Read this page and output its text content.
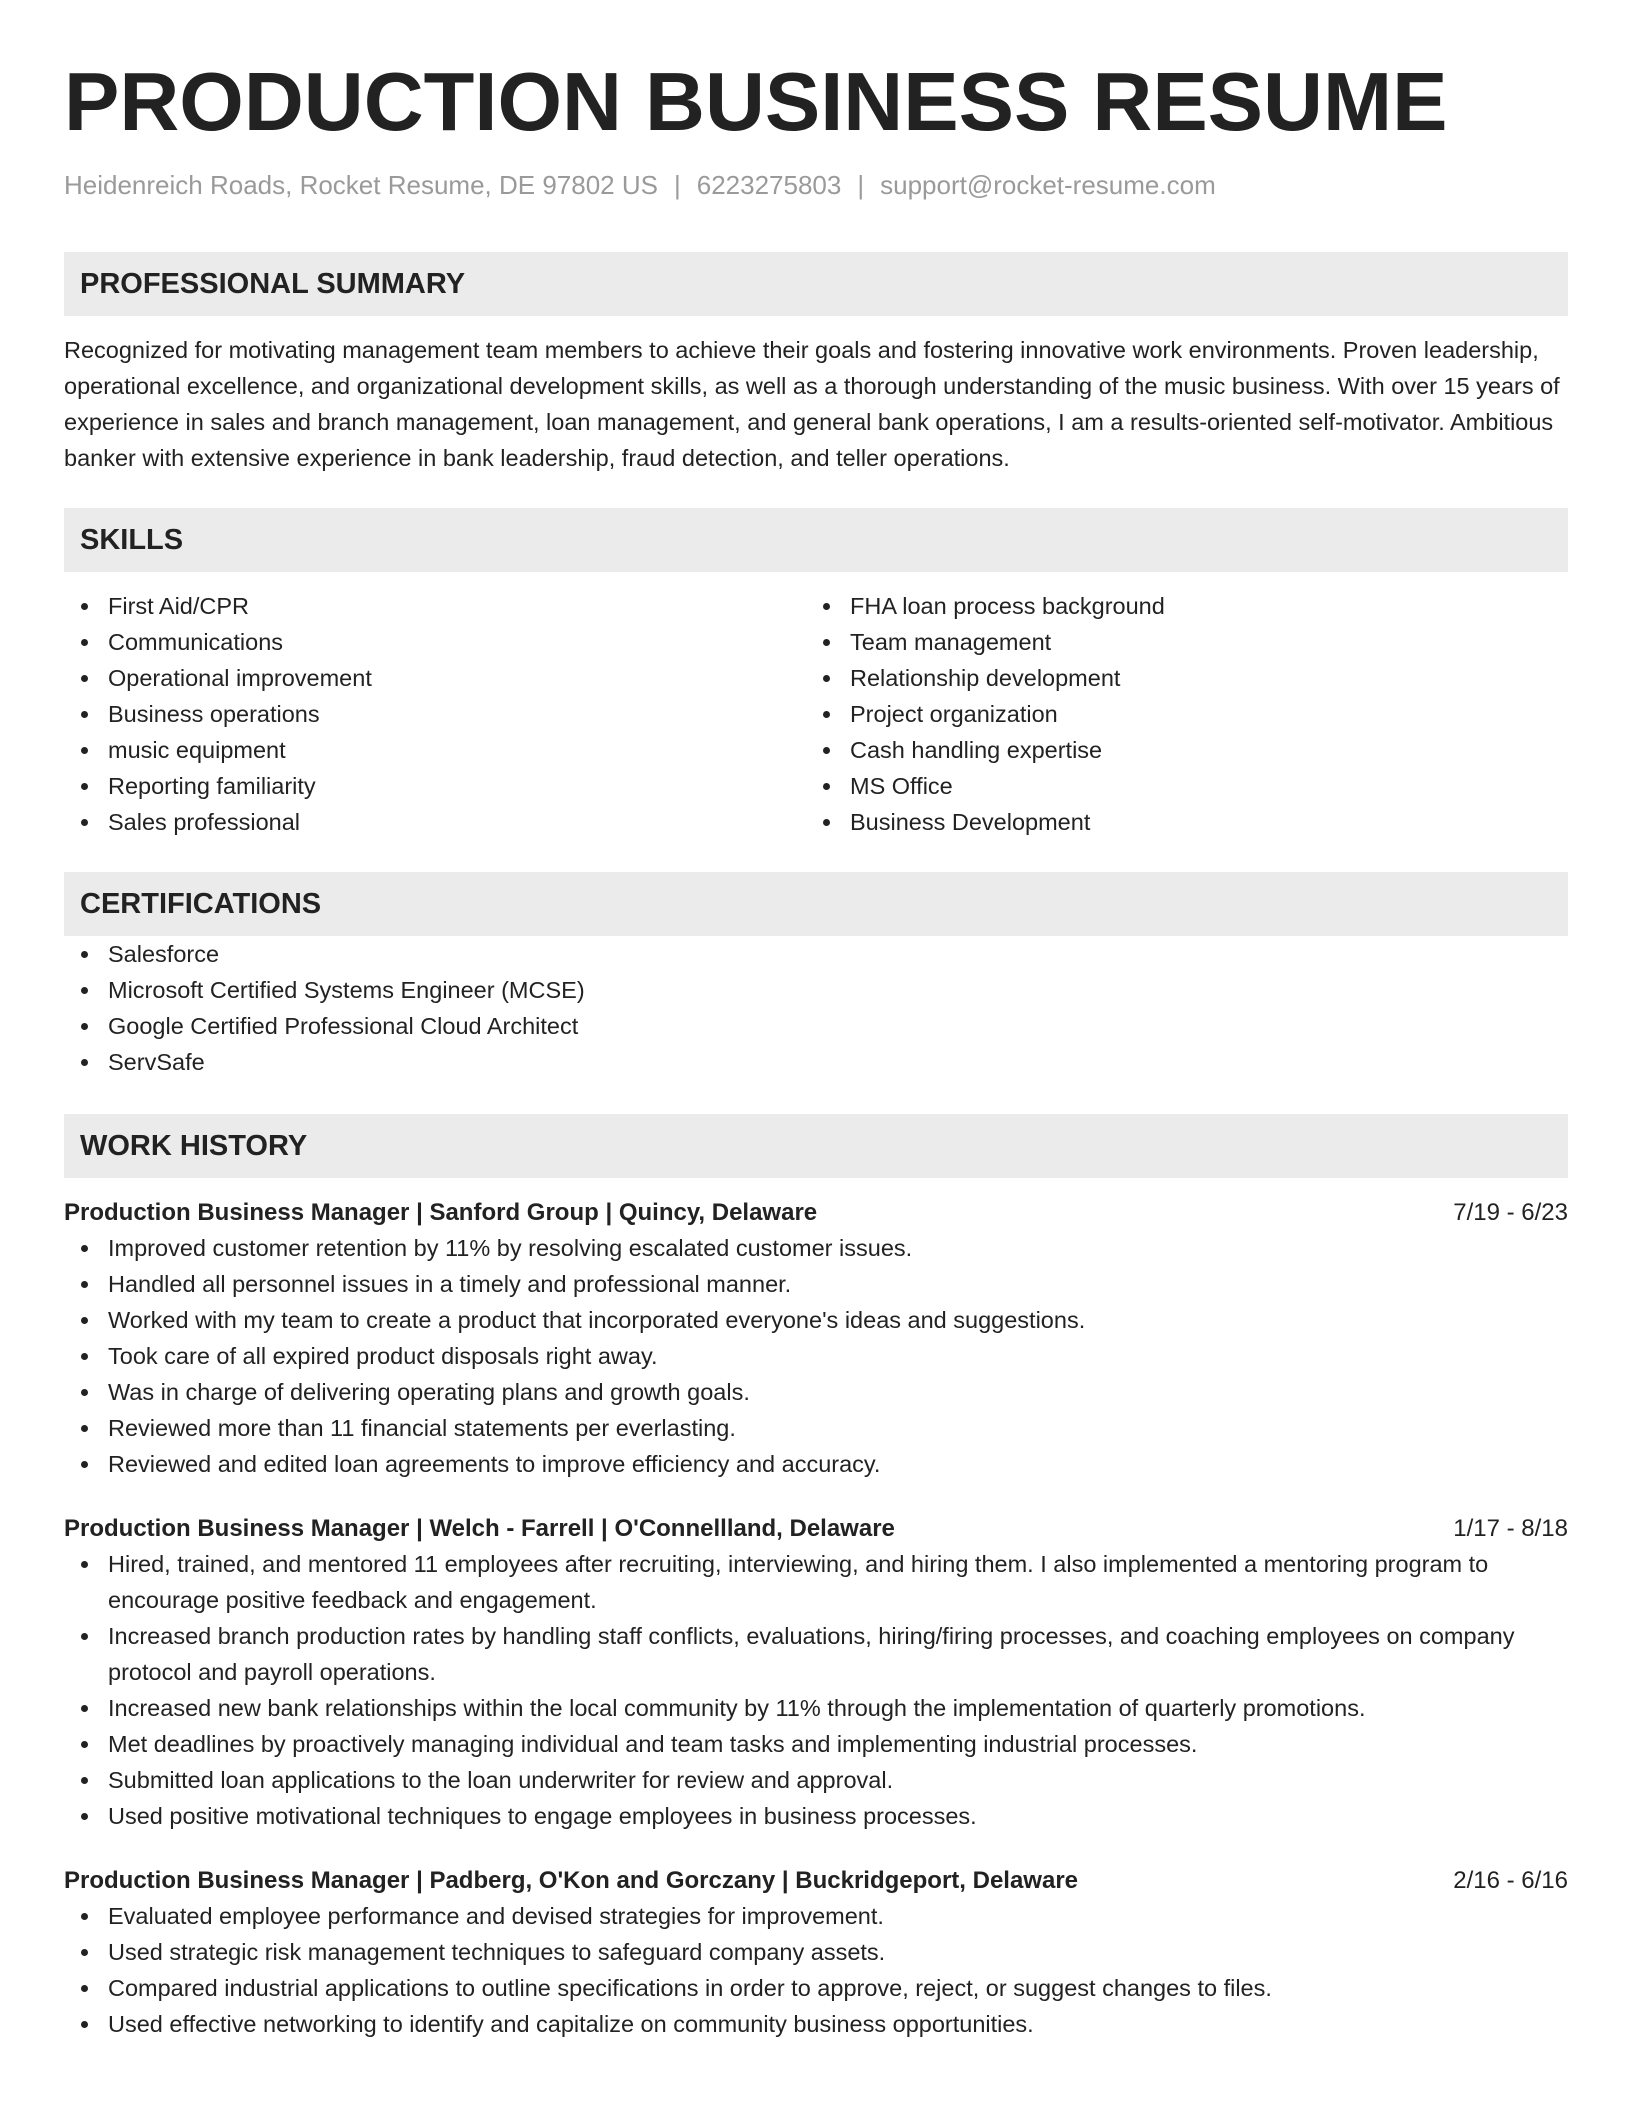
PRODUCTION BUSINESS RESUME
Heidenreich Roads, Rocket Resume, DE 97802 US | 6223275803 | support@rocket-resume.com
PROFESSIONAL SUMMARY
Recognized for motivating management team members to achieve their goals and fostering innovative work environments. Proven leadership, operational excellence, and organizational development skills, as well as a thorough understanding of the music business. With over 15 years of experience in sales and branch management, loan management, and general bank operations, I am a results-oriented self-motivator. Ambitious banker with extensive experience in bank leadership, fraud detection, and teller operations.
SKILLS
First Aid/CPR
Communications
Operational improvement
Business operations
music equipment
Reporting familiarity
Sales professional
FHA loan process background
Team management
Relationship development
Project organization
Cash handling expertise
MS Office
Business Development
CERTIFICATIONS
Salesforce
Microsoft Certified Systems Engineer (MCSE)
Google Certified Professional Cloud Architect
ServSafe
WORK HISTORY
Production Business Manager | Sanford Group | Quincy, Delaware	7/19 - 6/23
Improved customer retention by 11% by resolving escalated customer issues.
Handled all personnel issues in a timely and professional manner.
Worked with my team to create a product that incorporated everyone's ideas and suggestions.
Took care of all expired product disposals right away.
Was in charge of delivering operating plans and growth goals.
Reviewed more than 11 financial statements per everlasting.
Reviewed and edited loan agreements to improve efficiency and accuracy.
Production Business Manager | Welch - Farrell | O'Connellland, Delaware	1/17 - 8/18
Hired, trained, and mentored 11 employees after recruiting, interviewing, and hiring them. I also implemented a mentoring program to encourage positive feedback and engagement.
Increased branch production rates by handling staff conflicts, evaluations, hiring/firing processes, and coaching employees on company protocol and payroll operations.
Increased new bank relationships within the local community by 11% through the implementation of quarterly promotions.
Met deadlines by proactively managing individual and team tasks and implementing industrial processes.
Submitted loan applications to the loan underwriter for review and approval.
Used positive motivational techniques to engage employees in business processes.
Production Business Manager | Padberg, O'Kon and Gorczany | Buckridgeport, Delaware	2/16 - 6/16
Evaluated employee performance and devised strategies for improvement.
Used strategic risk management techniques to safeguard company assets.
Compared industrial applications to outline specifications in order to approve, reject, or suggest changes to files.
Used effective networking to identify and capitalize on community business opportunities.
